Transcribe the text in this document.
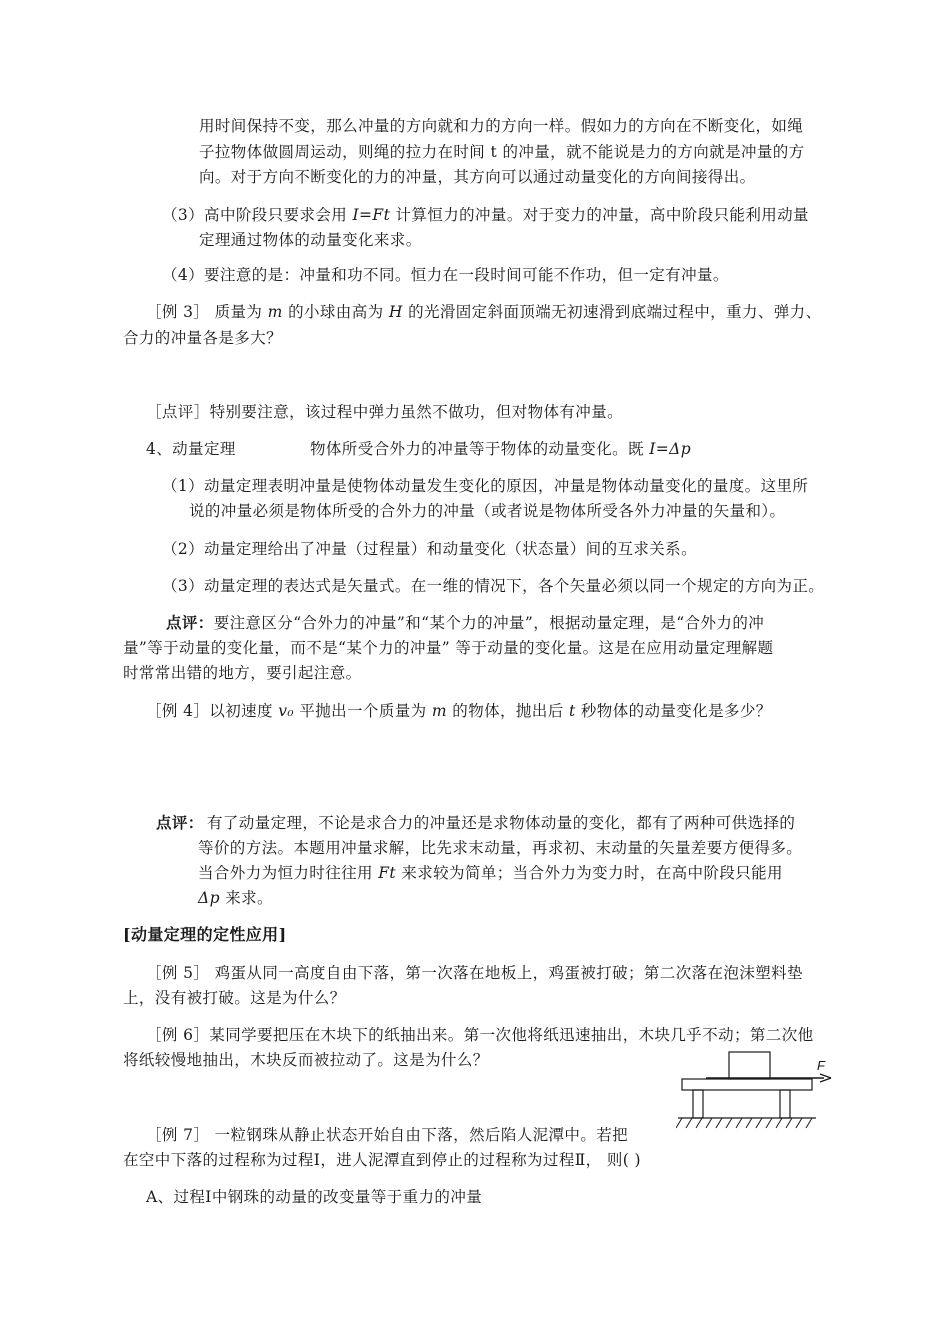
用时间保持不变，那么冲量的方向就和力的方向一样。假如力的方向在不断变化，如绳
子拉物体做圆周运动，则绳的拉力在时间 t 的冲量，就不能说是力的方向就是冲量的方
向。对于方向不断变化的力的冲量，其方向可以通过动量变化的方向间接得出。
（3）高中阶段只要求会用 I=Ft 计算恒力的冲量。对于变力的冲量，高中阶段只能利用动量
定理通过物体的动量变化来求。
（4）要注意的是：冲量和功不同。恒力在一段时间可能不作功，但一定有冲量。
［例 3］ 质量为 m 的小球由高为 H 的光滑固定斜面顶端无初速滑到底端过程中，重力、弹力、
合力的冲量各是多大？
［点评］特别要注意，该过程中弹力虽然不做功，但对物体有冲量。
4、动量定理	物体所受合外力的冲量等于物体的动量变化。既 I=Δp
（1）动量定理表明冲量是使物体动量发生变化的原因，冲量是物体动量变化的量度。这里所
说的冲量必须是物体所受的合外力的冲量（或者说是物体所受各外力冲量的矢量和）。
（2）动量定理给出了冲量（过程量）和动量变化（状态量）间的互求关系。
（3）动量定理的表达式是矢量式。在一维的情况下，各个矢量必须以同一个规定的方向为正。
点评：要注意区分“合外力的冲量”和“某个力的冲量”，根据动量定理，是“合外力的冲
量”等于动量的变化量，而不是“某个力的冲量” 等于动量的变化量。这是在应用动量定理解题
时常常出错的地方，要引起注意。
［例 4］以初速度 v₀ 平抛出一个质量为 m 的物体，抛出后 t 秒物体的动量变化是多少？
点评： 有了动量定理，不论是求合力的冲量还是求物体动量的变化，都有了两种可供选择的
等价的方法。本题用冲量求解，比先求末动量，再求初、末动量的矢量差要方便得多。
当合外力为恒力时往往用 Ft 来求较为简单；当合外力为变力时，在高中阶段只能用
Δp 来求。
[动量定理的定性应用]
［例 5］ 鸡蛋从同一高度自由下落，第一次落在地板上，鸡蛋被打破；第二次落在泡沫塑料垫
上，没有被打破。这是为什么？
［例 6］某同学要把压在木块下的纸抽出来。第一次他将纸迅速抽出，木块几乎不动；第二次他
将纸较慢地抽出，木块反而被拉动了。这是为什么？	F
［例 7］ 一粒钢珠从静止状态开始自由下落，然后陷人泥潭中。若把
在空中下落的过程称为过程Ⅰ，进人泥潭直到停止的过程称为过程Ⅱ， 则( )
A、过程Ⅰ中钢珠的动量的改变量等于重力的冲量
